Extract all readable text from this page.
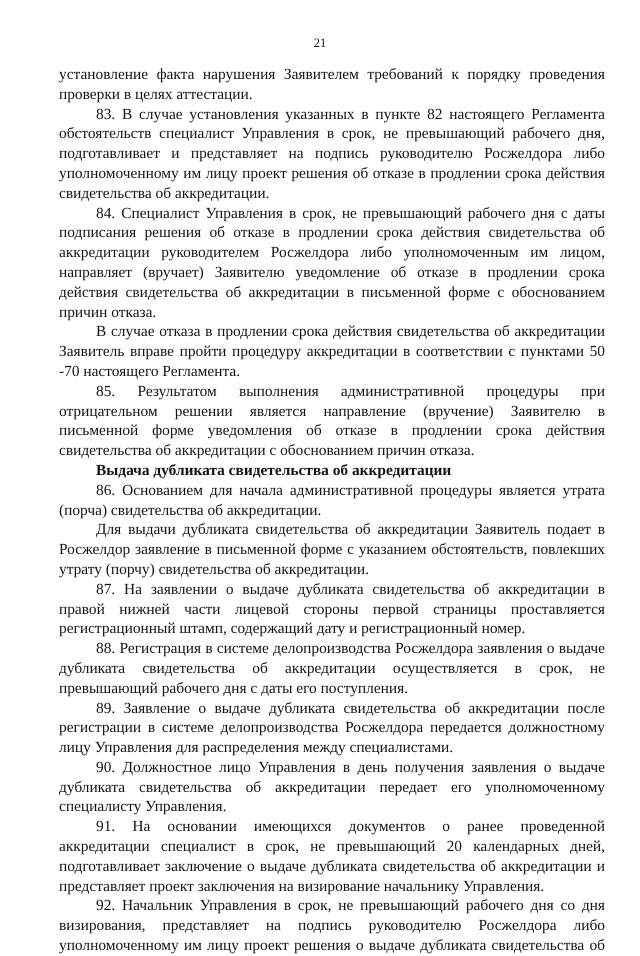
21

установление факта нарушения Заявителем требований к порядку проведения проверки в целях аттестации.

83. В случае установления указанных в пункте 82 настоящего Регламента обстоятельств специалист Управления в срок, не превышающий рабочего дня, подготавливает и представляет на подпись руководителю Росжелдора либо уполномоченному им лицу проект решения об отказе в продлении срока действия свидетельства об аккредитации.

84. Специалист Управления в срок, не превышающий рабочего дня с даты подписания решения об отказе в продлении срока действия свидетельства об аккредитации руководителем Росжелдора либо уполномоченным им лицом, направляет (вручает) Заявителю уведомление об отказе в продлении срока действия свидетельства об аккредитации в письменной форме с обоснованием причин отказа.

В случае отказа в продлении срока действия свидетельства об аккредитации Заявитель вправе пройти процедуру аккредитации в соответствии с пунктами 50 -70 настоящего Регламента.

85. Результатом выполнения административной процедуры при отрицательном решении является направление (вручение) Заявителю в письменной форме уведомления об отказе в продлении срока действия свидетельства об аккредитации с обоснованием причин отказа.

Выдача дубликата свидетельства об аккредитации

86. Основанием для начала административной процедуры является утрата (порча) свидетельства об аккредитации.

Для выдачи дубликата свидетельства об аккредитации Заявитель подает в Росжелдор заявление в письменной форме с указанием обстоятельств, повлекших утрату (порчу) свидетельства об аккредитации.

87. На заявлении о выдаче дубликата свидетельства об аккредитации в правой нижней части лицевой стороны первой страницы проставляется регистрационный штамп, содержащий дату и регистрационный номер.

88. Регистрация в системе делопроизводства Росжелдора заявления о выдаче дубликата свидетельства об аккредитации осуществляется в срок, не превышающий рабочего дня с даты его поступления.

89. Заявление о выдаче дубликата свидетельства об аккредитации после регистрации в системе делопроизводства Росжелдора передается должностному лицу Управления для распределения между специалистами.

90. Должностное лицо Управления в день получения заявления о выдаче дубликата свидетельства об аккредитации передает его уполномоченному специалисту Управления.

91. На основании имеющихся документов о ранее проведенной аккредитации специалист в срок, не превышающий 20 календарных дней, подготавливает заключение о выдаче дубликата свидетельства об аккредитации и представляет проект заключения на визирование начальнику Управления.

92. Начальник Управления в срок, не превышающий рабочего дня со дня визирования, представляет на подпись руководителю Росжелдора либо уполномоченному им лицу проект решения о выдаче дубликата свидетельства об
